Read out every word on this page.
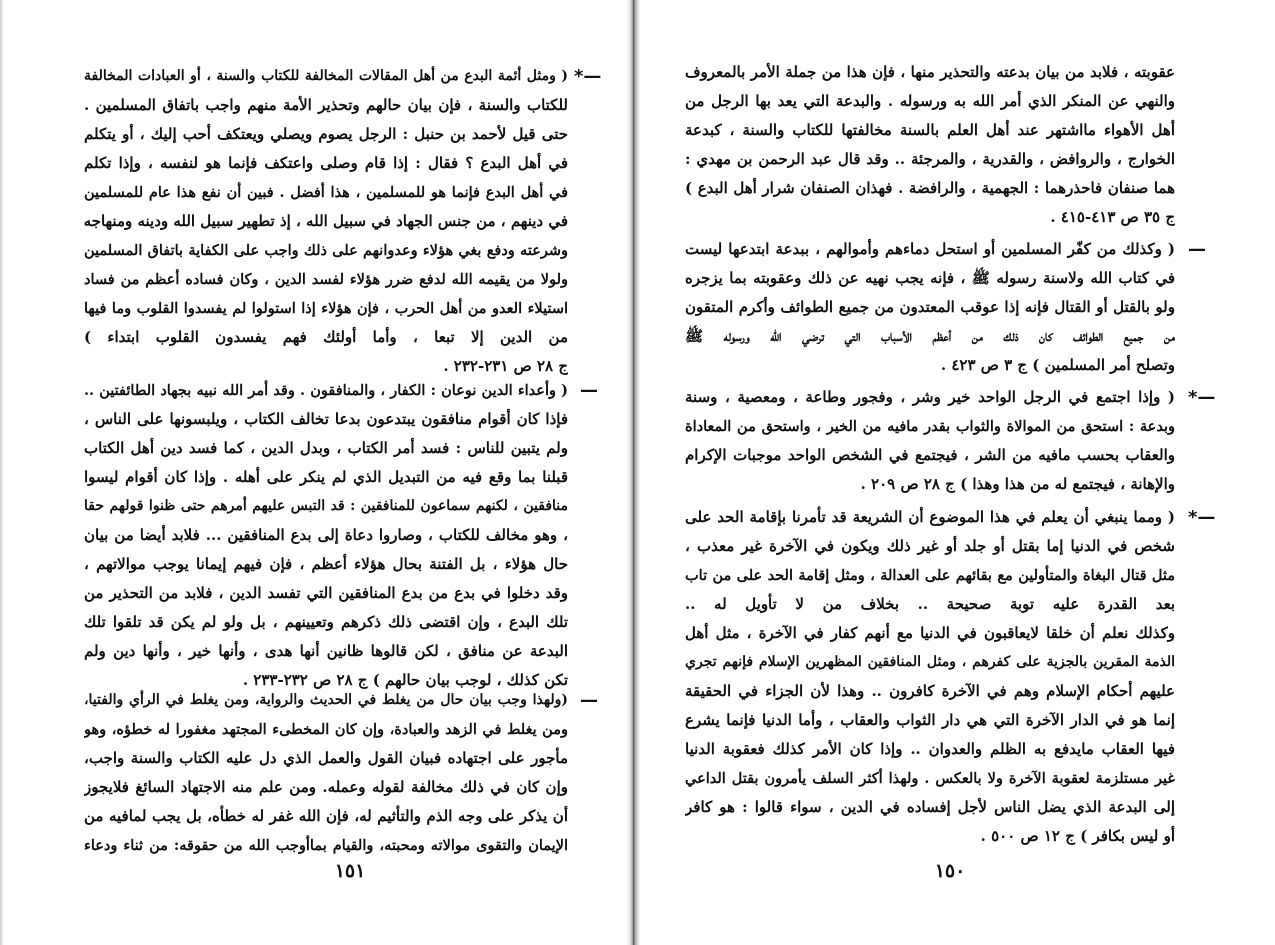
*—
( ومثل أئمة البدع من أهل المقالات المخالفة للكتاب والسنة ، أو العبادات المخالفة
للكتاب والسنة ، فإن بيان حالهم وتحذير الأمة منهم واجب باتفاق المسلمين .
حتى قيل لأحمد بن حنبل : الرجل يصوم ويصلي ويعتكف أحب إليك ، أو يتكلم
في أهل البدع ؟ فقال : إذا قام وصلى واعتكف فإنما هو لنفسه ، وإذا تكلم
في أهل البدع فإنما هو للمسلمين ، هذا أفضل . فبين أن نفع هذا عام للمسلمين
في دينهم ، من جنس الجهاد في سبيل الله ، إذ تطهير سبيل الله ودينه ومنهاجه
وشرعته ودفع بغي هؤلاء وعدوانهم على ذلك واجب على الكفاية باتفاق المسلمين
ولولا من يقيمه الله لدفع ضرر هؤلاء لفسد الدين ، وكان فساده أعظم من فساد
استيلاء العدو من أهل الحرب ، فإن هؤلاء إذا استولوا لم يفسدوا القلوب وما فيها
من الدين إلا تبعا ، وأما أولئك فهم يفسدون القلوب ابتداء )
ج ٢٨ ص ٢٣١-٢٣٢ .
—
( وأعداء الدين نوعان : الكفار ، والمنافقون . وقد أمر الله نبيه بجهاد الطائفتين ..
فإذا كان أقوام منافقون يبتدعون بدعا تخالف الكتاب ، ويلبسونها على الناس ،
ولم يتبين للناس : فسد أمر الكتاب ، وبدل الدين ، كما فسد دين أهل الكتاب
قبلنا بما وقع فيه من التبديل الذي لم ينكر على أهله . وإذا كان أقوام ليسوا
منافقين ، لكنهم سماعون للمنافقين : قد التبس عليهم أمرهم حتى ظنوا قولهم حقا
، وهو مخالف للكتاب ، وصاروا دعاة إلى بدع المنافقين ... فلابد أيضا من بيان
حال هؤلاء ، بل الفتنة بحال هؤلاء أعظم ، فإن فيهم إيمانا يوجب موالاتهم ،
وقد دخلوا في بدع من بدع المنافقين التي تفسد الدين ، فلابد من التحذير من
تلك البدع ، وإن اقتضى ذلك ذكرهم وتعيينهم ، بل ولو لم يكن قد تلقوا تلك
البدعة عن منافق ، لكن قالوها ظانين أنها هدى ، وأنها خير ، وأنها دين ولم
تكن كذلك ، لوجب بيان حالهم ) ج ٢٨ ص ٢٣٢-٢٣٣ .
—
(ولهذا وجب بيان حال من يغلط في الحديث والرواية، ومن يغلط في الرأي والفتيا،
ومن يغلط في الزهد والعبادة، وإن كان المخطىء المجتهد مغفورا له خطؤه، وهو
مأجور على اجتهاده فبيان القول والعمل الذي دل عليه الكتاب والسنة واجب،
وإن كان في ذلك مخالفة لقوله وعمله. ومن علم منه الاجتهاد السائغ فلايجوز
أن يذكر على وجه الذم والتأثيم له، فإن الله غفر له خطأه، بل يجب لمافيه من
الإيمان والتقوى موالاته ومحبته، والقيام بماأوجب الله من حقوقه: من ثناء ودعاء
١٥١
عقوبته ، فلابد من بيان بدعته والتحذير منها ، فإن هذا من جملة الأمر بالمعروف
والنهي عن المنكر الذي أمر الله به ورسوله . والبدعة التي يعد بها الرجل من
أهل الأهواء مااشتهر عند أهل العلم بالسنة مخالفتها للكتاب والسنة ، كبدعة
الخوارج ، والروافض ، والقدرية ، والمرجئة .. وقد قال عبد الرحمن بن مهدي :
هما صنفان فاحذرهما : الجهمية ، والرافضة . فهذان الصنفان شرار أهل البدع )
ج ٣٥ ص ٤١٣-٤١٥ .
—
( وكذلك من كفّر المسلمين أو استحل دماءهم وأموالهم ، ببدعة ابتدعها ليست
في كتاب الله ولاسنة رسوله ﷺ ، فإنه يجب نهيه عن ذلك وعقوبته بما يزجره
ولو بالقتل أو القتال فإنه إذا عوقب المعتدون من جميع الطوائف وأكرم المتقون
من جميع الطوائف كان ذلك من أعظم الأسباب التي ترضي الله ورسوله ﷺ
وتصلح أمر المسلمين ) ج ٣ ص ٤٢٣ .
*—
( وإذا اجتمع في الرجل الواحد خير وشر ، وفجور وطاعة ، ومعصية ، وسنة
وبدعة : استحق من الموالاة والثواب بقدر مافيه من الخير ، واستحق من المعاداة
والعقاب بحسب مافيه من الشر ، فيجتمع في الشخص الواحد موجبات الإكرام
والإهانة ، فيجتمع له من هذا وهذا ) ج ٢٨ ص ٢٠٩ .
*—
( ومما ينبغي أن يعلم في هذا الموضوع أن الشريعة قد تأمرنا بإقامة الحد على
شخص في الدنيا إما بقتل أو جلد أو غير ذلك ويكون في الآخرة غير معذب ،
مثل قتال البغاة والمتأولين مع بقائهم على العدالة ، ومثل إقامة الحد على من تاب
بعد القدرة عليه توبة صحيحة .. بخلاف من لا تأويل له ..
وكذلك نعلم أن خلقا لايعاقبون في الدنيا مع أنهم كفار في الآخرة ، مثل أهل
الذمة المقرين بالجزية على كفرهم ، ومثل المنافقين المظهرين الإسلام فإنهم تجري
عليهم أحكام الإسلام وهم في الآخرة كافرون .. وهذا لأن الجزاء في الحقيقة
إنما هو في الدار الآخرة التي هي دار الثواب والعقاب ، وأما الدنيا فإنما يشرع
فيها العقاب مايدفع به الظلم والعدوان .. وإذا كان الأمر كذلك فعقوبة الدنيا
غير مستلزمة لعقوبة الآخرة ولا بالعكس . ولهذا أكثر السلف يأمرون بقتل الداعي
إلى البدعة الذي يضل الناس لأجل إفساده في الدين ، سواء قالوا : هو كافر
أو ليس بكافر ) ج ١٢ ص ٥٠٠ .
١٥٠
